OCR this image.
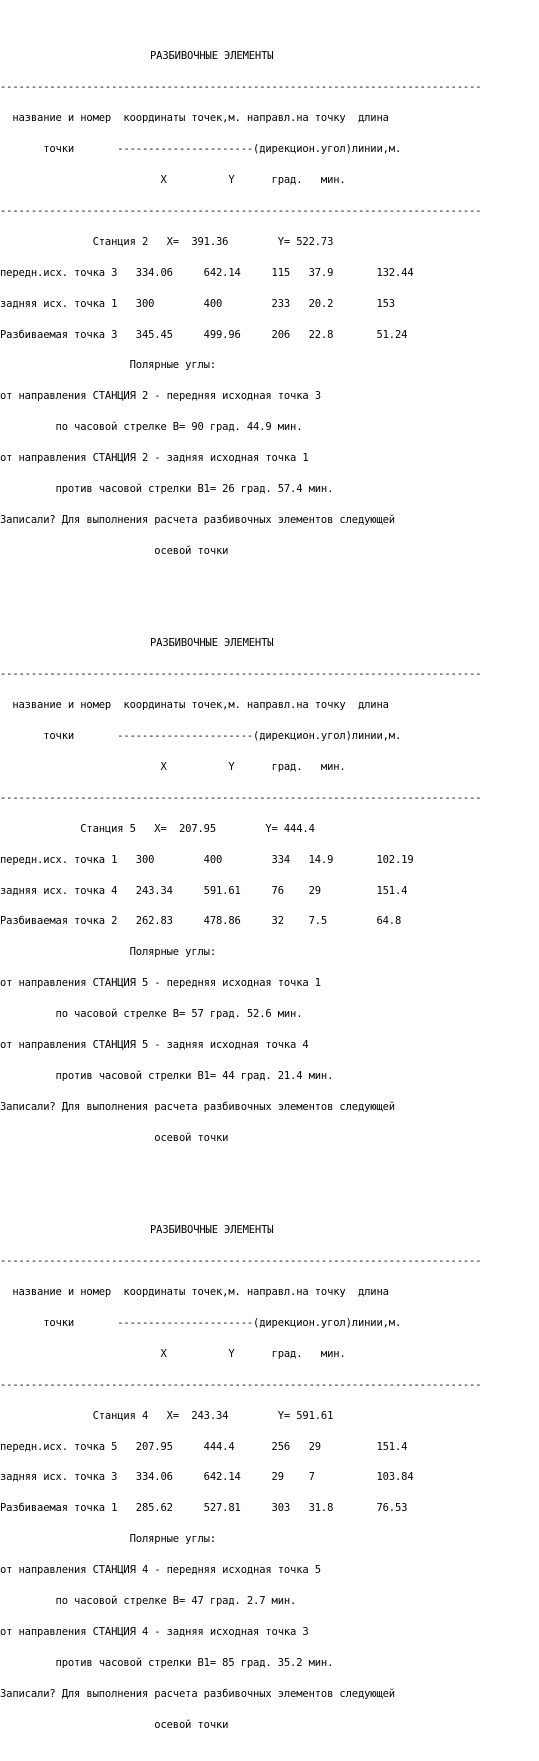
РАЗБИВОЧНЫЕ ЭЛЕМЕНТЫ

------------------------------------------------------------------------------

название и номер  координаты точек,м. направл.на точку  длина

точки       ----------------------(дирекцион.угол)линии,м.

X          Y      град.   мин.

------------------------------------------------------------------------------

Станция 2   X=  391.36        Y= 522.73

передн.исх. точка 3   334.06     642.14     115   37.9       132.44

задняя исх. точка 1   300        400        233   20.2       153

Разбиваемая точка 3   345.45     499.96     206   22.8       51.24

Полярные углы:

от направления СТАНЦИЯ 2 - передняя исходная точка 3

по часовой стрелке B= 90 град. 44.9 мин.

от направления СТАНЦИЯ 2 - задняя исходная точка 1

против часовой стрелки B1= 26 град. 57.4 мин.

Записали? Для выполнения расчета разбивочных элементов следующей

осевой точки

РАЗБИВОЧНЫЕ ЭЛЕМЕНТЫ

------------------------------------------------------------------------------

название и номер  координаты точек,м. направл.на точку  длина

точки       ----------------------(дирекцион.угол)линии,м.

X          Y      град.   мин.

------------------------------------------------------------------------------

Станция 5   X=  207.95        Y= 444.4

передн.исх. точка 1   300        400        334   14.9       102.19

задняя исх. точка 4   243.34     591.61     76    29         151.4

Разбиваемая точка 2   262.83     478.86     32    7.5        64.8

Полярные углы:

от направления СТАНЦИЯ 5 - передняя исходная точка 1

по часовой стрелке B= 57 град. 52.6 мин.

от направления СТАНЦИЯ 5 - задняя исходная точка 4

против часовой стрелки B1= 44 град. 21.4 мин.

Записали? Для выполнения расчета разбивочных элементов следующей

осевой точки

РАЗБИВОЧНЫЕ ЭЛЕМЕНТЫ

------------------------------------------------------------------------------

название и номер  координаты точек,м. направл.на точку  длина

точки       ----------------------(дирекцион.угол)линии,м.

X          Y      град.   мин.

------------------------------------------------------------------------------

Станция 4   X=  243.34        Y= 591.61

передн.исх. точка 5   207.95     444.4      256   29         151.4

задняя исх. точка 3   334.06     642.14     29    7          103.84

Разбиваемая точка 1   285.62     527.81     303   31.8       76.53

Полярные углы:

от направления СТАНЦИЯ 4 - передняя исходная точка 5

по часовой стрелке B= 47 град. 2.7 мин.

от направления СТАНЦИЯ 4 - задняя исходная точка 3

против часовой стрелки B1= 85 град. 35.2 мин.

Записали? Для выполнения расчета разбивочных элементов следующей

осевой точки
